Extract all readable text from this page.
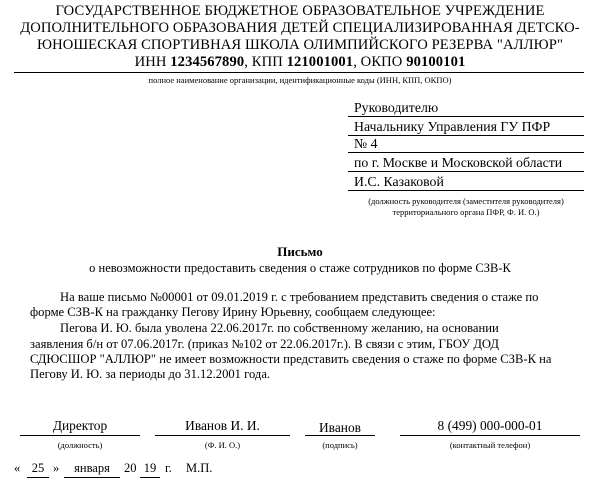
ГОСУДАРСТВЕННОЕ БЮДЖЕТНОЕ ОБРАЗОВАТЕЛЬНОЕ УЧРЕЖДЕНИЕ
ДОПОЛНИТЕЛЬНОГО ОБРАЗОВАНИЯ ДЕТЕЙ СПЕЦИАЛИЗИРОВАННАЯ ДЕТСКО-
ЮНОШЕСКАЯ СПОРТИВНАЯ ШКОЛА ОЛИМПИЙСКОГО РЕЗЕРВА "АЛЛЮР"
ИНН 1234567890, КПП 121001001, ОКПО 90100101
полное наименование организации, идентификационные коды (ИНН, КПП, ОКПО)
Руководителю
Начальнику Управления ГУ ПФР
№ 4
по г. Москве и Московской области
И.С. Казаковой
(должность руководителя (заместителя руководителя)
территориального органа ПФР, Ф. И. О.)
Письмо
о невозможности предоставить сведения о стаже сотрудников по форме СЗВ-К
На ваше письмо №00001 от 09.01.2019 г. с требованием представить сведения о стаже по
форме СЗВ-К на гражданку Пегову Ирину Юрьевну, сообщаем следующее:
Пегова И. Ю. была уволена 22.06.2017г. по собственному желанию, на основании
заявления б/н от 07.06.2017г. (приказ №102 от 22.06.2017г.). В связи с этим, ГБОУ ДОД
СДЮСШОР "АЛЛЮР" не имеет возможности представить сведения о стаже по форме СЗВ-К на
Пегову И. Ю. за периоды до 31.12.2001 года.
Директор
(должность)
Иванов И. И.
(Ф. И. О.)
Иванов
(подпись)
8 (499) 000-000-01
(контактный телефон)
« 25 »	января	20 19 г. М.П.
